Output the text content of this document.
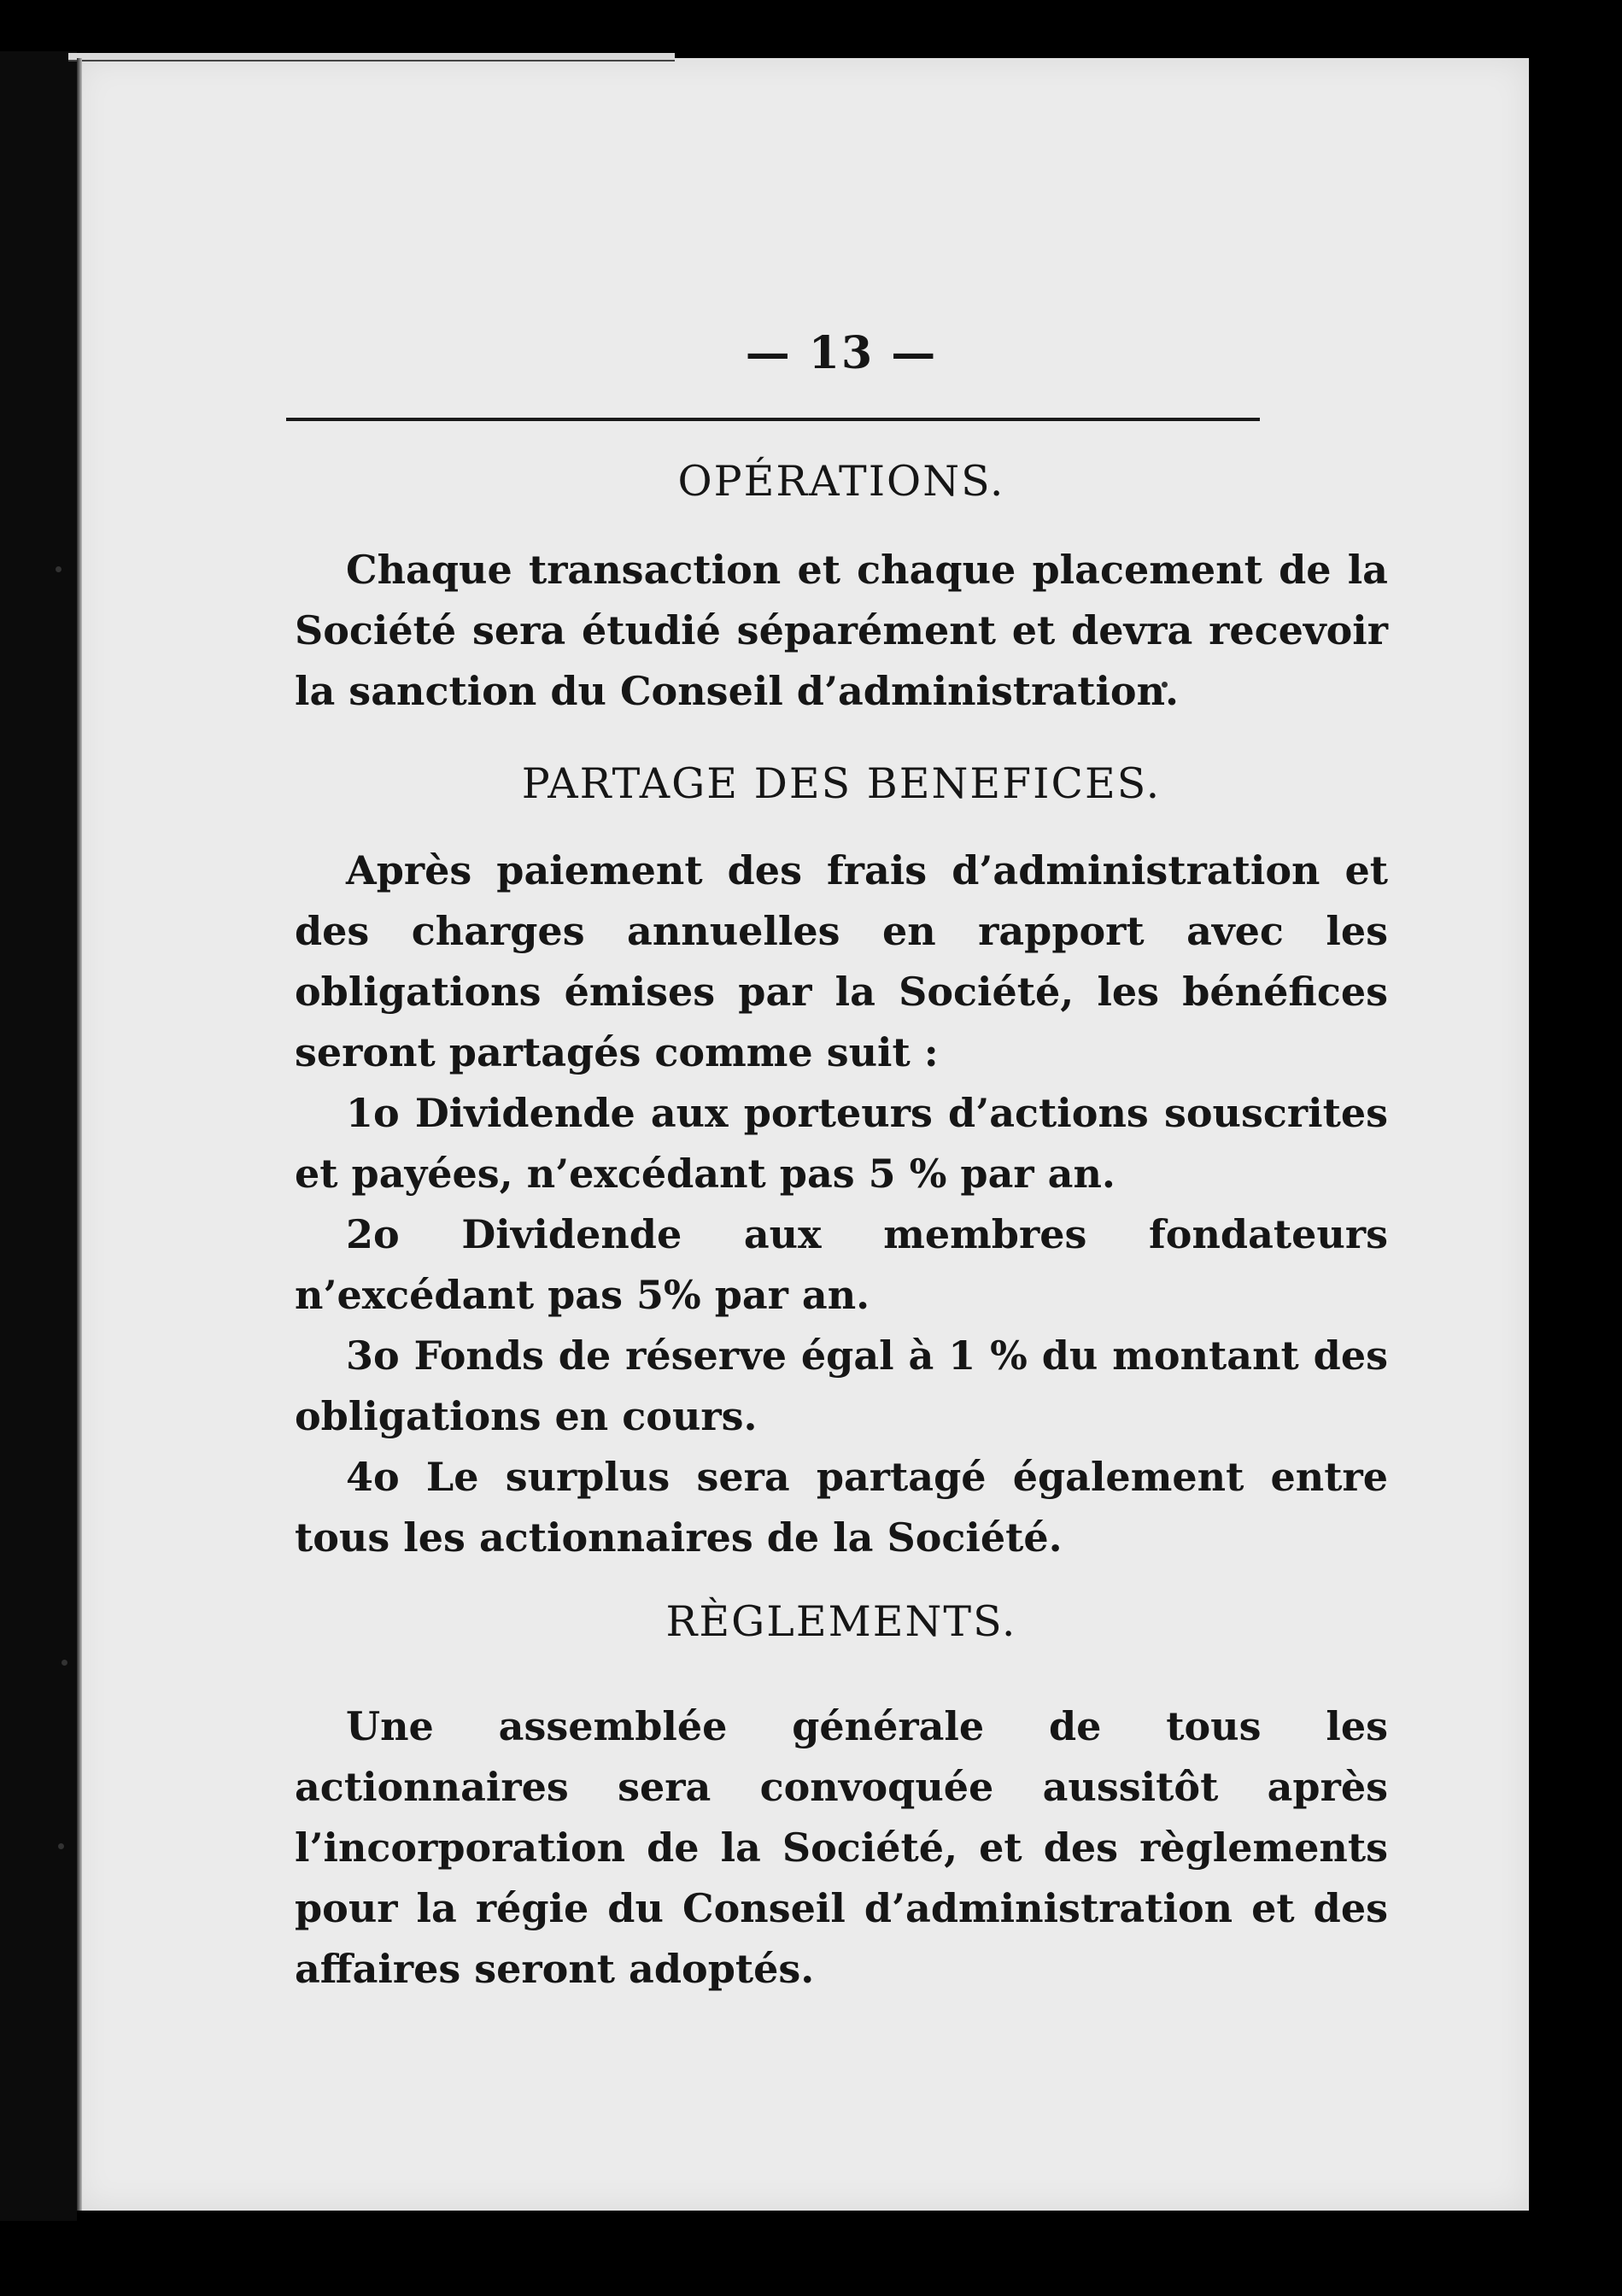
— 13 —
OPÉRATIONS.

Chaque transaction et chaque placement de la Société sera étudié séparément et devra recevoir la sanction du Conseil d’administration.

PARTAGE DES BENEFICES.

Après paiement des frais d’administration et des charges annuelles en rapport avec les obligations émises par la Société, les bénéfices seront partagés comme suit :

1o Dividende aux porteurs d’actions souscrites et payées, n’excédant pas 5 % par an.

2o Dividende aux membres fondateurs n’excédant pas 5% par an.

3o Fonds de réserve égal à 1 % du montant des obligations en cours.

4o Le surplus sera partagé également entre tous les actionnaires de la Société.

RÈGLEMENTS.

Une assemblée générale de tous les actionnaires sera convoquée aussitôt après l’incorporation de la Société, et des règlements pour la régie du Conseil d’administration et des affaires seront adoptés.
